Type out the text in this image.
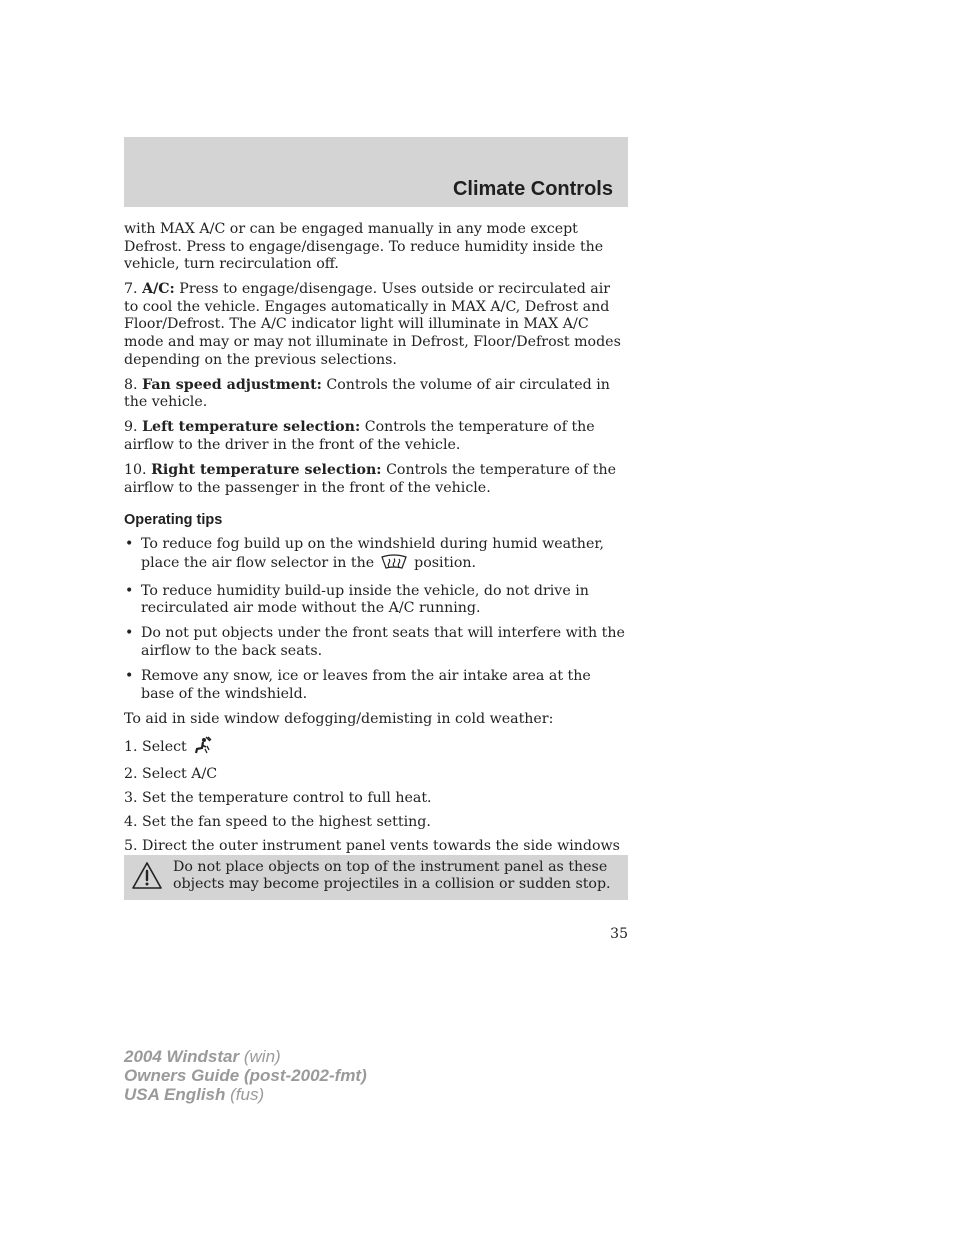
Climate Controls

with MAX A/C or can be engaged manually in any mode except Defrost. Press to engage/disengage. To reduce humidity inside the vehicle, turn recirculation off.

7. A/C: Press to engage/disengage. Uses outside or recirculated air to cool the vehicle. Engages automatically in MAX A/C, Defrost and Floor/Defrost. The A/C indicator light will illuminate in MAX A/C mode and may or may not illuminate in Defrost, Floor/Defrost modes depending on the previous selections.

8. Fan speed adjustment: Controls the volume of air circulated in the vehicle.

9. Left temperature selection: Controls the temperature of the airflow to the driver in the front of the vehicle.

10. Right temperature selection: Controls the temperature of the airflow to the passenger in the front of the vehicle.

Operating tips
• To reduce fog build up on the windshield during humid weather, place the air flow selector in the	position.
• To reduce humidity build-up inside the vehicle, do not drive in recirculated air mode without the A/C running.
• Do not put objects under the front seats that will interfere with the airflow to the back seats.
• Remove any snow, ice or leaves from the air intake area at the base of the windshield.

To aid in side window defogging/demisting in cold weather:

1. Select

2. Select A/C

3. Set the temperature control to full heat.

4. Set the fan speed to the highest setting.

5. Direct the outer instrument panel vents towards the side windows

Do not place objects on top of the instrument panel as these objects may become projectiles in a collision or sudden stop.
35
2004 Windstar (win)
Owners Guide (post-2002-fmt)
USA English (fus)
